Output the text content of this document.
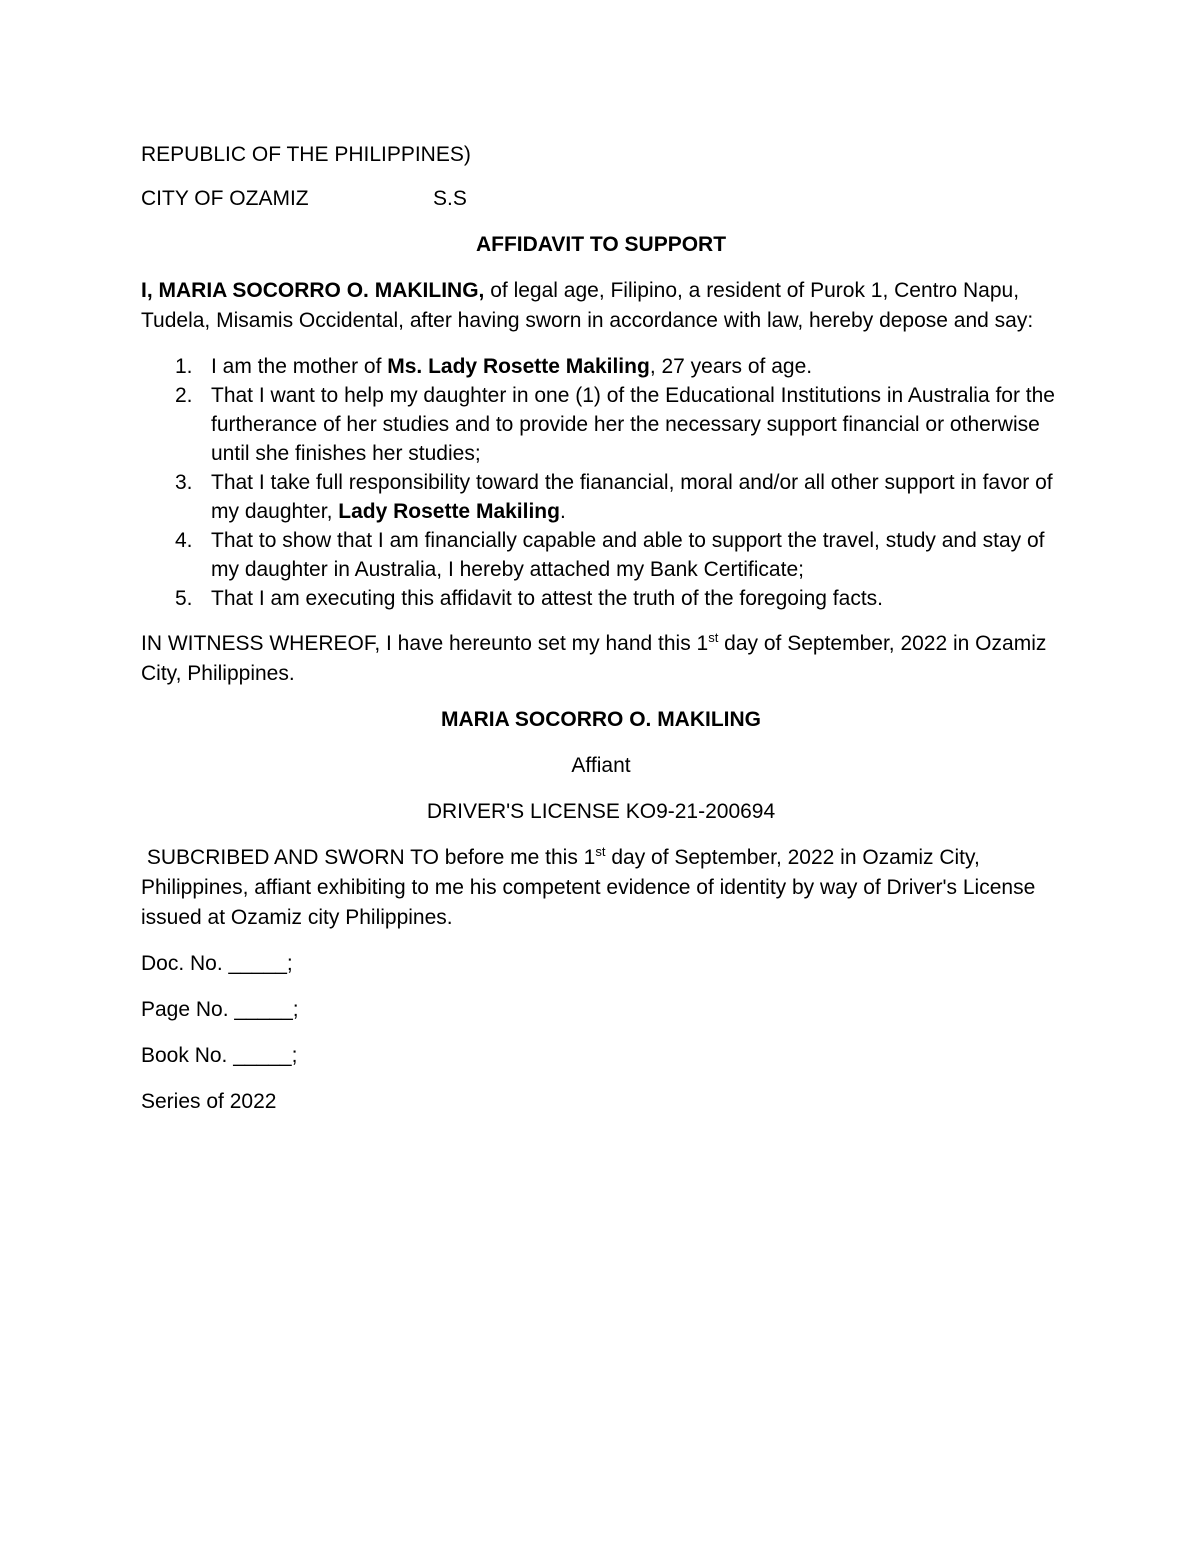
REPUBLIC OF THE PHILIPPINES)

CITY OF OZAMIZ	S.S

AFFIDAVIT TO SUPPORT

I, MARIA SOCORRO O. MAKILING, of legal age, Filipino, a resident of Purok 1, Centro Napu, Tudela, Misamis Occidental, after having sworn in accordance with law, hereby depose and say:

1. I am the mother of Ms. Lady Rosette Makiling, 27 years of age.
2. That I want to help my daughter in one (1) of the Educational Institutions in Australia for the furtherance of her studies and to provide her the necessary support financial or otherwise until she finishes her studies;
3. That I take full responsibility toward the fianancial, moral and/or all other support in favor of my daughter, Lady Rosette Makiling.
4. That to show that I am financially capable and able to support the travel, study and stay of my daughter in Australia, I hereby attached my Bank Certificate;
5. That I am executing this affidavit to attest the truth of the foregoing facts.

IN WITNESS WHEREOF, I have hereunto set my hand this 1st day of September, 2022 in Ozamiz City, Philippines.

MARIA SOCORRO O. MAKILING

Affiant

DRIVER'S LICENSE KO9-21-200694

SUBCRIBED AND SWORN TO before me this 1st day of September, 2022 in Ozamiz City, Philippines, affiant exhibiting to me his competent evidence of identity by way of Driver's License issued at Ozamiz city Philippines.

Doc. No. _____;

Page No. _____;

Book No. _____;

Series of 2022
